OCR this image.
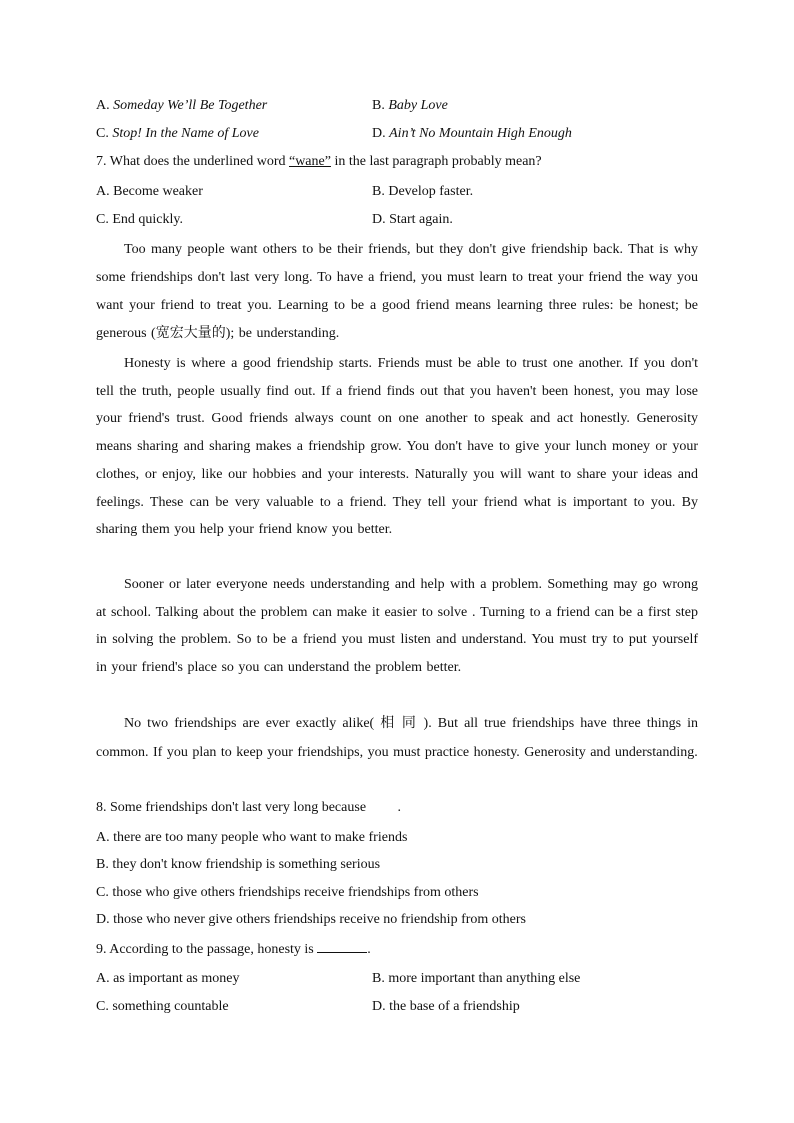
A. Someday We’ll Be Together	B. Baby Love
C. Stop! In the Name of Love	D. Ain’t No Mountain High Enough
7. What does the underlined word “wane” in the last paragraph probably mean?
A. Become weaker	B. Develop faster.
C. End quickly.	D. Start again.

Too many people want others to be their friends, but they don't give friendship back. That is why some friendships don't last very long. To have a friend, you must learn to treat your friend the way you want your friend to treat you. Learning to be a good friend means learning three rules: be honest; be generous (宽宏大量的); be understanding.

Honesty is where a good friendship starts. Friends must be able to trust one another. If you don't tell the truth, people usually find out. If a friend finds out that you haven't been honest, you may lose your friend's trust. Good friends always count on one another to speak and act honestly. Generosity means sharing and sharing makes a friendship grow. You don't have to give your lunch money or your clothes, or enjoy, like our hobbies and your interests. Naturally you will want to share your ideas and feelings. These can be very valuable to a friend. They tell your friend what is important to you. By sharing them you help your friend know you better.

Sooner or later everyone needs understanding and help with a problem. Something may go wrong at school. Talking about the problem can make it easier to solve . Turning to a friend can be a first step in solving the problem. So to be a friend you must listen and understand. You must try to put yourself in your friend's place so you can understand the problem better.

No two friendships are ever exactly alike( 相 同 ). But all true friendships have three things in common. If you plan to keep your friendships, you must practice honesty. Generosity and understanding.

8. Some friendships don't last very long because .
A. there are too many people who want to make friends
B. they don't know friendship is something serious
C. those who give others friendships receive friendships from others
D. those who never give others friendships receive no friendship from others
9. According to the passage, honesty is	.
A. as important as money	B. more important than anything else
C. something countable	D. the base of a friendship
